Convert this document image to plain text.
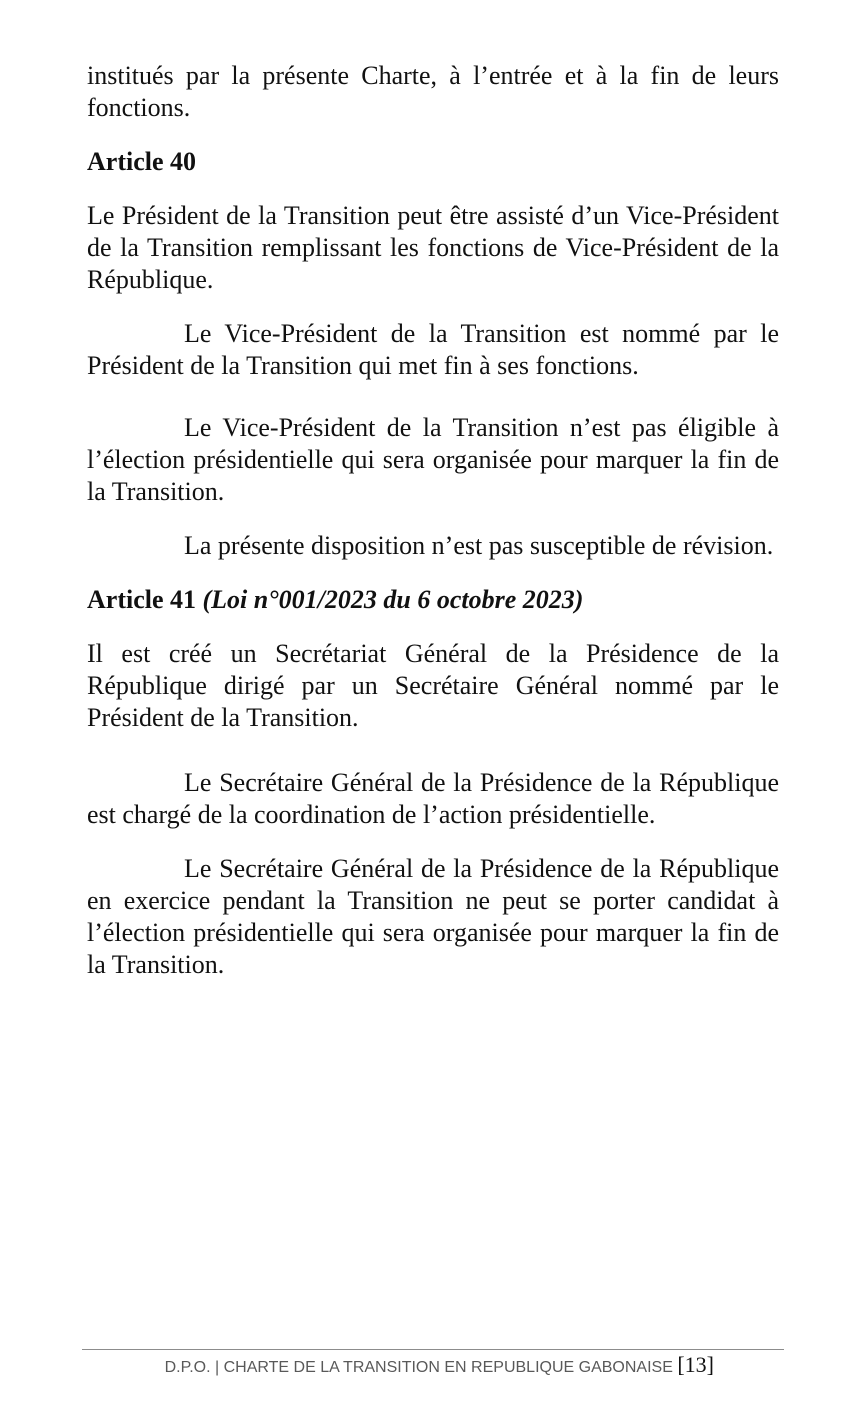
institués par la présente Charte, à l’entrée et à la fin de leurs fonctions.

Article 40

Le Président de la Transition peut être assisté d’un Vice-Président de la Transition remplissant les fonctions de Vice-Président de la République.

Le Vice-Président de la Transition est nommé par le Président de la Transition qui met fin à ses fonctions.

Le Vice-Président de la Transition n’est pas éligible à l’élection présidentielle qui sera organisée pour marquer la fin de la Transition.

La présente disposition n’est pas susceptible de révision.

Article 41 (Loi n°001/2023 du 6 octobre 2023)

Il est créé un Secrétariat Général de la Présidence de la République dirigé par un Secrétaire Général nommé par le Président de la Transition.

Le Secrétaire Général de la Présidence de la République est chargé de la coordination de l’action présidentielle.

Le Secrétaire Général de la Présidence de la République en exercice pendant la Transition ne peut se porter candidat à l’élection présidentielle qui sera organisée pour marquer la fin de la Transition.

D.P.O. | CHARTE DE LA TRANSITION EN REPUBLIQUE GABONAISE [13]
